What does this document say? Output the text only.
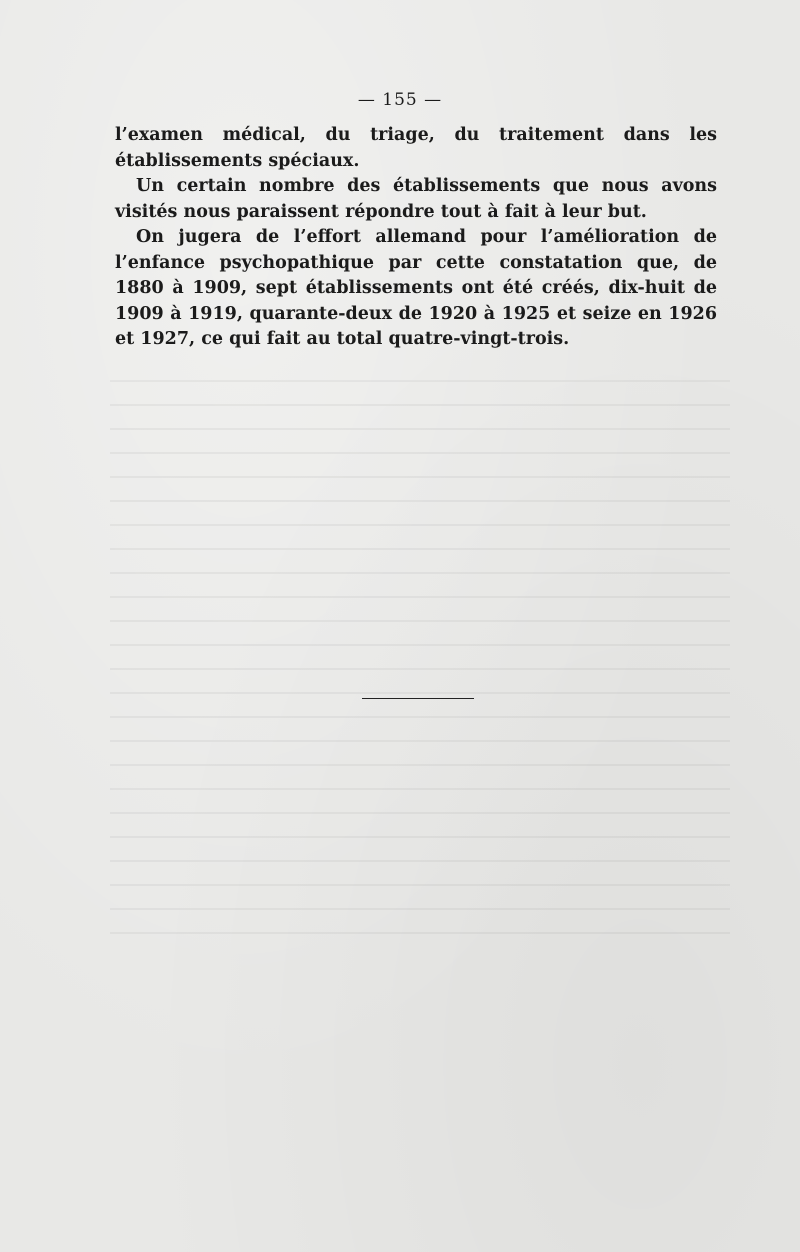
— 155 —

l’examen médical, du triage, du traitement dans les établissements spéciaux.

Un certain nombre des établissements que nous avons visités nous paraissent répondre tout à fait à leur but.

On jugera de l’effort allemand pour l’amélioration de l’enfance psychopathique par cette constatation que, de 1880 à 1909, sept établissements ont été créés, dix-huit de 1909 à 1919, quarante-deux de 1920 à 1925 et seize en 1926 et 1927, ce qui fait au total quatre-vingt-trois.
